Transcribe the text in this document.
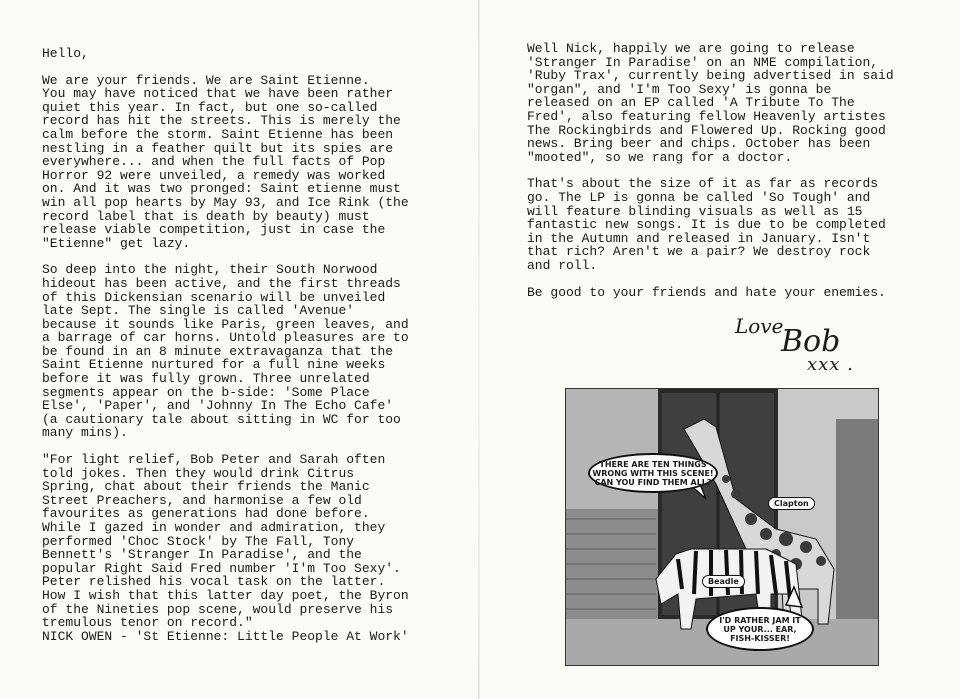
Hello,

We are your friends. We are Saint Etienne.
You may have noticed that we have been rather
quiet this year. In fact, but one so-called
record has hit the streets. This is merely the
calm before the storm. Saint Etienne has been
nestling in a feather quilt but its spies are
everywhere... and when the full facts of Pop
Horror 92 were unveiled, a remedy was worked
on. And it was two pronged: Saint etienne must
win all pop hearts by May 93, and Ice Rink (the
record label that is death by beauty) must
release viable competition, just in case the
"Etienne" get lazy.

So deep into the night, their South Norwood
hideout has been active, and the first threads
of this Dickensian scenario will be unveiled
late Sept. The single is called 'Avenue'
because it sounds like Paris, green leaves, and
a barrage of car horns. Untold pleasures are to
be found in an 8 minute extravaganza that the
Saint Etienne nurtured for a full nine weeks
before it was fully grown. Three unrelated
segments appear on the b-side: 'Some Place
Else', 'Paper', and 'Johnny In The Echo Cafe'
(a cautionary tale about sitting in WC for too
many mins).

"For light relief, Bob Peter and Sarah often
told jokes. Then they would drink Citrus
Spring, chat about their friends the Manic
Street Preachers, and harmonise a few old
favourites as generations had done before.
While I gazed in wonder and admiration, they
performed 'Choc Stock' by The Fall, Tony
Bennett's 'Stranger In Paradise', and the
popular Right Said Fred number 'I'm Too Sexy'.
Peter relished his vocal task on the latter.
How I wish that this latter day poet, the Byron
of the Nineties pop scene, would preserve his
tremulous tenor on record."
NICK OWEN - 'St Etienne: Little People At Work'

Well Nick, happily we are going to release
'Stranger In Paradise' on an NME compilation,
'Ruby Trax', currently being advertised in said
"organ", and 'I'm Too Sexy' is gonna be
released on an EP called 'A Tribute To The
Fred', also featuring fellow Heavenly artistes
The Rockingbirds and Flowered Up. Rocking good
news. Bring beer and chips. October has been
"mooted", so we rang for a doctor.

That's about the size of it as far as records
go. The LP is gonna be called 'So Tough' and
will feature blinding visuals as well as 15
fantastic new songs. It is due to be completed
in the Autumn and released in January. Isn't
that rich? Aren't we a pair? We destroy rock
and roll.

Be good to your friends and hate your enemies.

Love
Bob
xxx .
THERE ARE TEN THINGS
WRONG WITH THIS SCENE!
CAN YOU FIND THEM ALL?
I'D RATHER JAM IT
UP YOUR... EAR,
FISH-KISSER!
Clapton
Beadle
